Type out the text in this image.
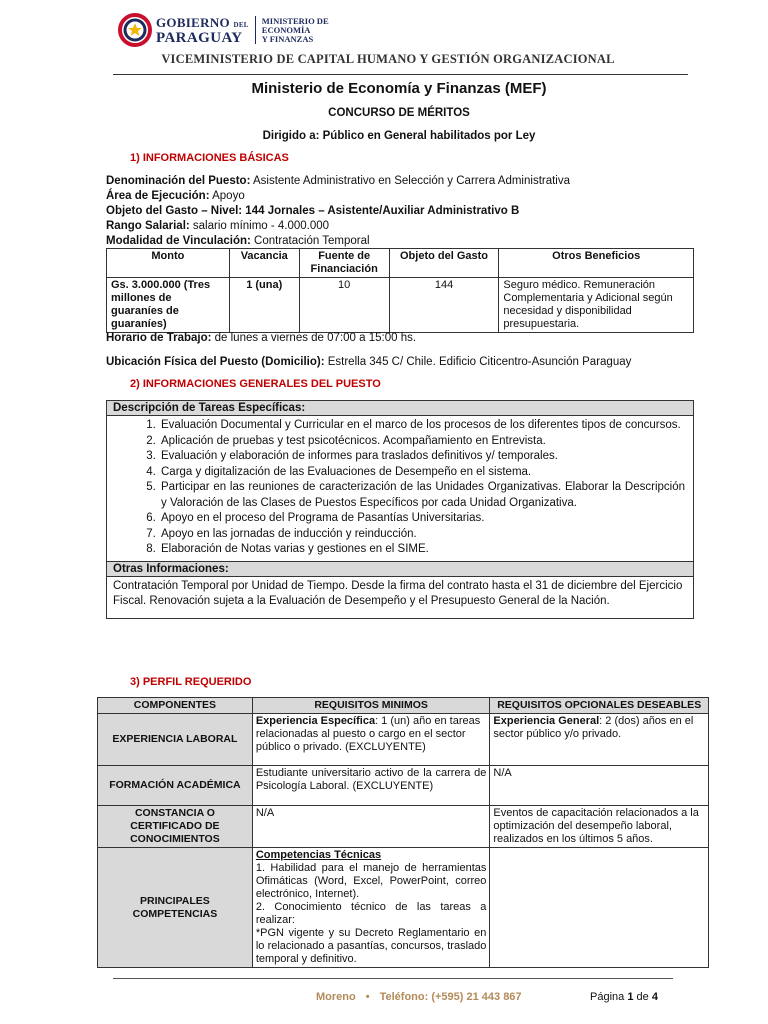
GOBIERNO DEL
PARAGUAY
MINISTERIO DE
ECONOMÍA
Y FINANZAS
VICEMINISTERIO DE CAPITAL HUMANO Y GESTIÓN ORGANIZACIONAL
Ministerio de Economía y Finanzas (MEF)
CONCURSO DE MÉRITOS
Dirigido a: Público en General habilitados por Ley
1) INFORMACIONES BÁSICAS
Denominación del Puesto: Asistente Administrativo en Selección y Carrera Administrativa
Área de Ejecución: Apoyo
Objeto del Gasto – Nivel: 144 Jornales – Asistente/Auxiliar Administrativo B
Rango Salarial: salario mínimo - 4.000.000
Modalidad de Vinculación: Contratación Temporal
Monto	Vacancia	Fuente de Financiación	Objeto del Gasto	Otros Beneficios
Gs. 3.000.000 (Tres millones de guaraníes de guaraníes)	1 (una)	10	144	Seguro médico. Remuneración Complementaria y Adicional según necesidad y disponibilidad presupuestaria.
Horario de Trabajo: de lunes a viernes de 07:00 a 15:00 hs.
Ubicación Física del Puesto (Domicilio): Estrella 345 C/ Chile. Edificio Citicentro-Asunción Paraguay
2) INFORMACIONES GENERALES DEL PUESTO
Descripción de Tareas Específicas:
1. Evaluación Documental y Curricular en el marco de los procesos de los diferentes tipos de concursos.
2. Aplicación de pruebas y test psicotécnicos. Acompañamiento en Entrevista.
3. Evaluación y elaboración de informes para traslados definitivos y/ temporales.
4. Carga y digitalización de las Evaluaciones de Desempeño en el sistema.
5. Participar en las reuniones de caracterización de las Unidades Organizativas. Elaborar la Descripción y Valoración de las Clases de Puestos Específicos por cada Unidad Organizativa.
6. Apoyo en el proceso del Programa de Pasantías Universitarias.
7. Apoyo en las jornadas de inducción y reinducción.
8. Elaboración de Notas varias y gestiones en el SIME.
Otras Informaciones:
Contratación Temporal por Unidad de Tiempo. Desde la firma del contrato hasta el 31 de diciembre del Ejercicio Fiscal. Renovación sujeta a la Evaluación de Desempeño y el Presupuesto General de la Nación.
3) PERFIL REQUERIDO
COMPONENTES	REQUISITOS MINIMOS	REQUISITOS OPCIONALES DESEABLES
EXPERIENCIA LABORAL	Experiencia Específica: 1 (un) año en tareas relacionadas al puesto o cargo en el sector público o privado. (EXCLUYENTE)	Experiencia General: 2 (dos) años en el sector público y/o privado.
FORMACIÓN ACADÉMICA	Estudiante universitario activo de la carrera de Psicología Laboral. (EXCLUYENTE)	N/A
CONSTANCIA O CERTIFICADO DE CONOCIMIENTOS	N/A	Eventos de capacitación relacionados a la optimización del desempeño laboral, realizados en los últimos 5 años.
PRINCIPALES COMPETENCIAS	Competencias Técnicas
1. Habilidad para el manejo de herramientas Ofimáticas (Word, Excel, PowerPoint, correo electrónico, Internet).
2. Conocimiento técnico de las tareas a realizar:
*PGN vigente y su Decreto Reglamentario en lo relacionado a pasantías, concursos, traslado temporal y definitivo.	

Moreno • Teléfono: (+595) 21 443 867	Página 1 de 4
